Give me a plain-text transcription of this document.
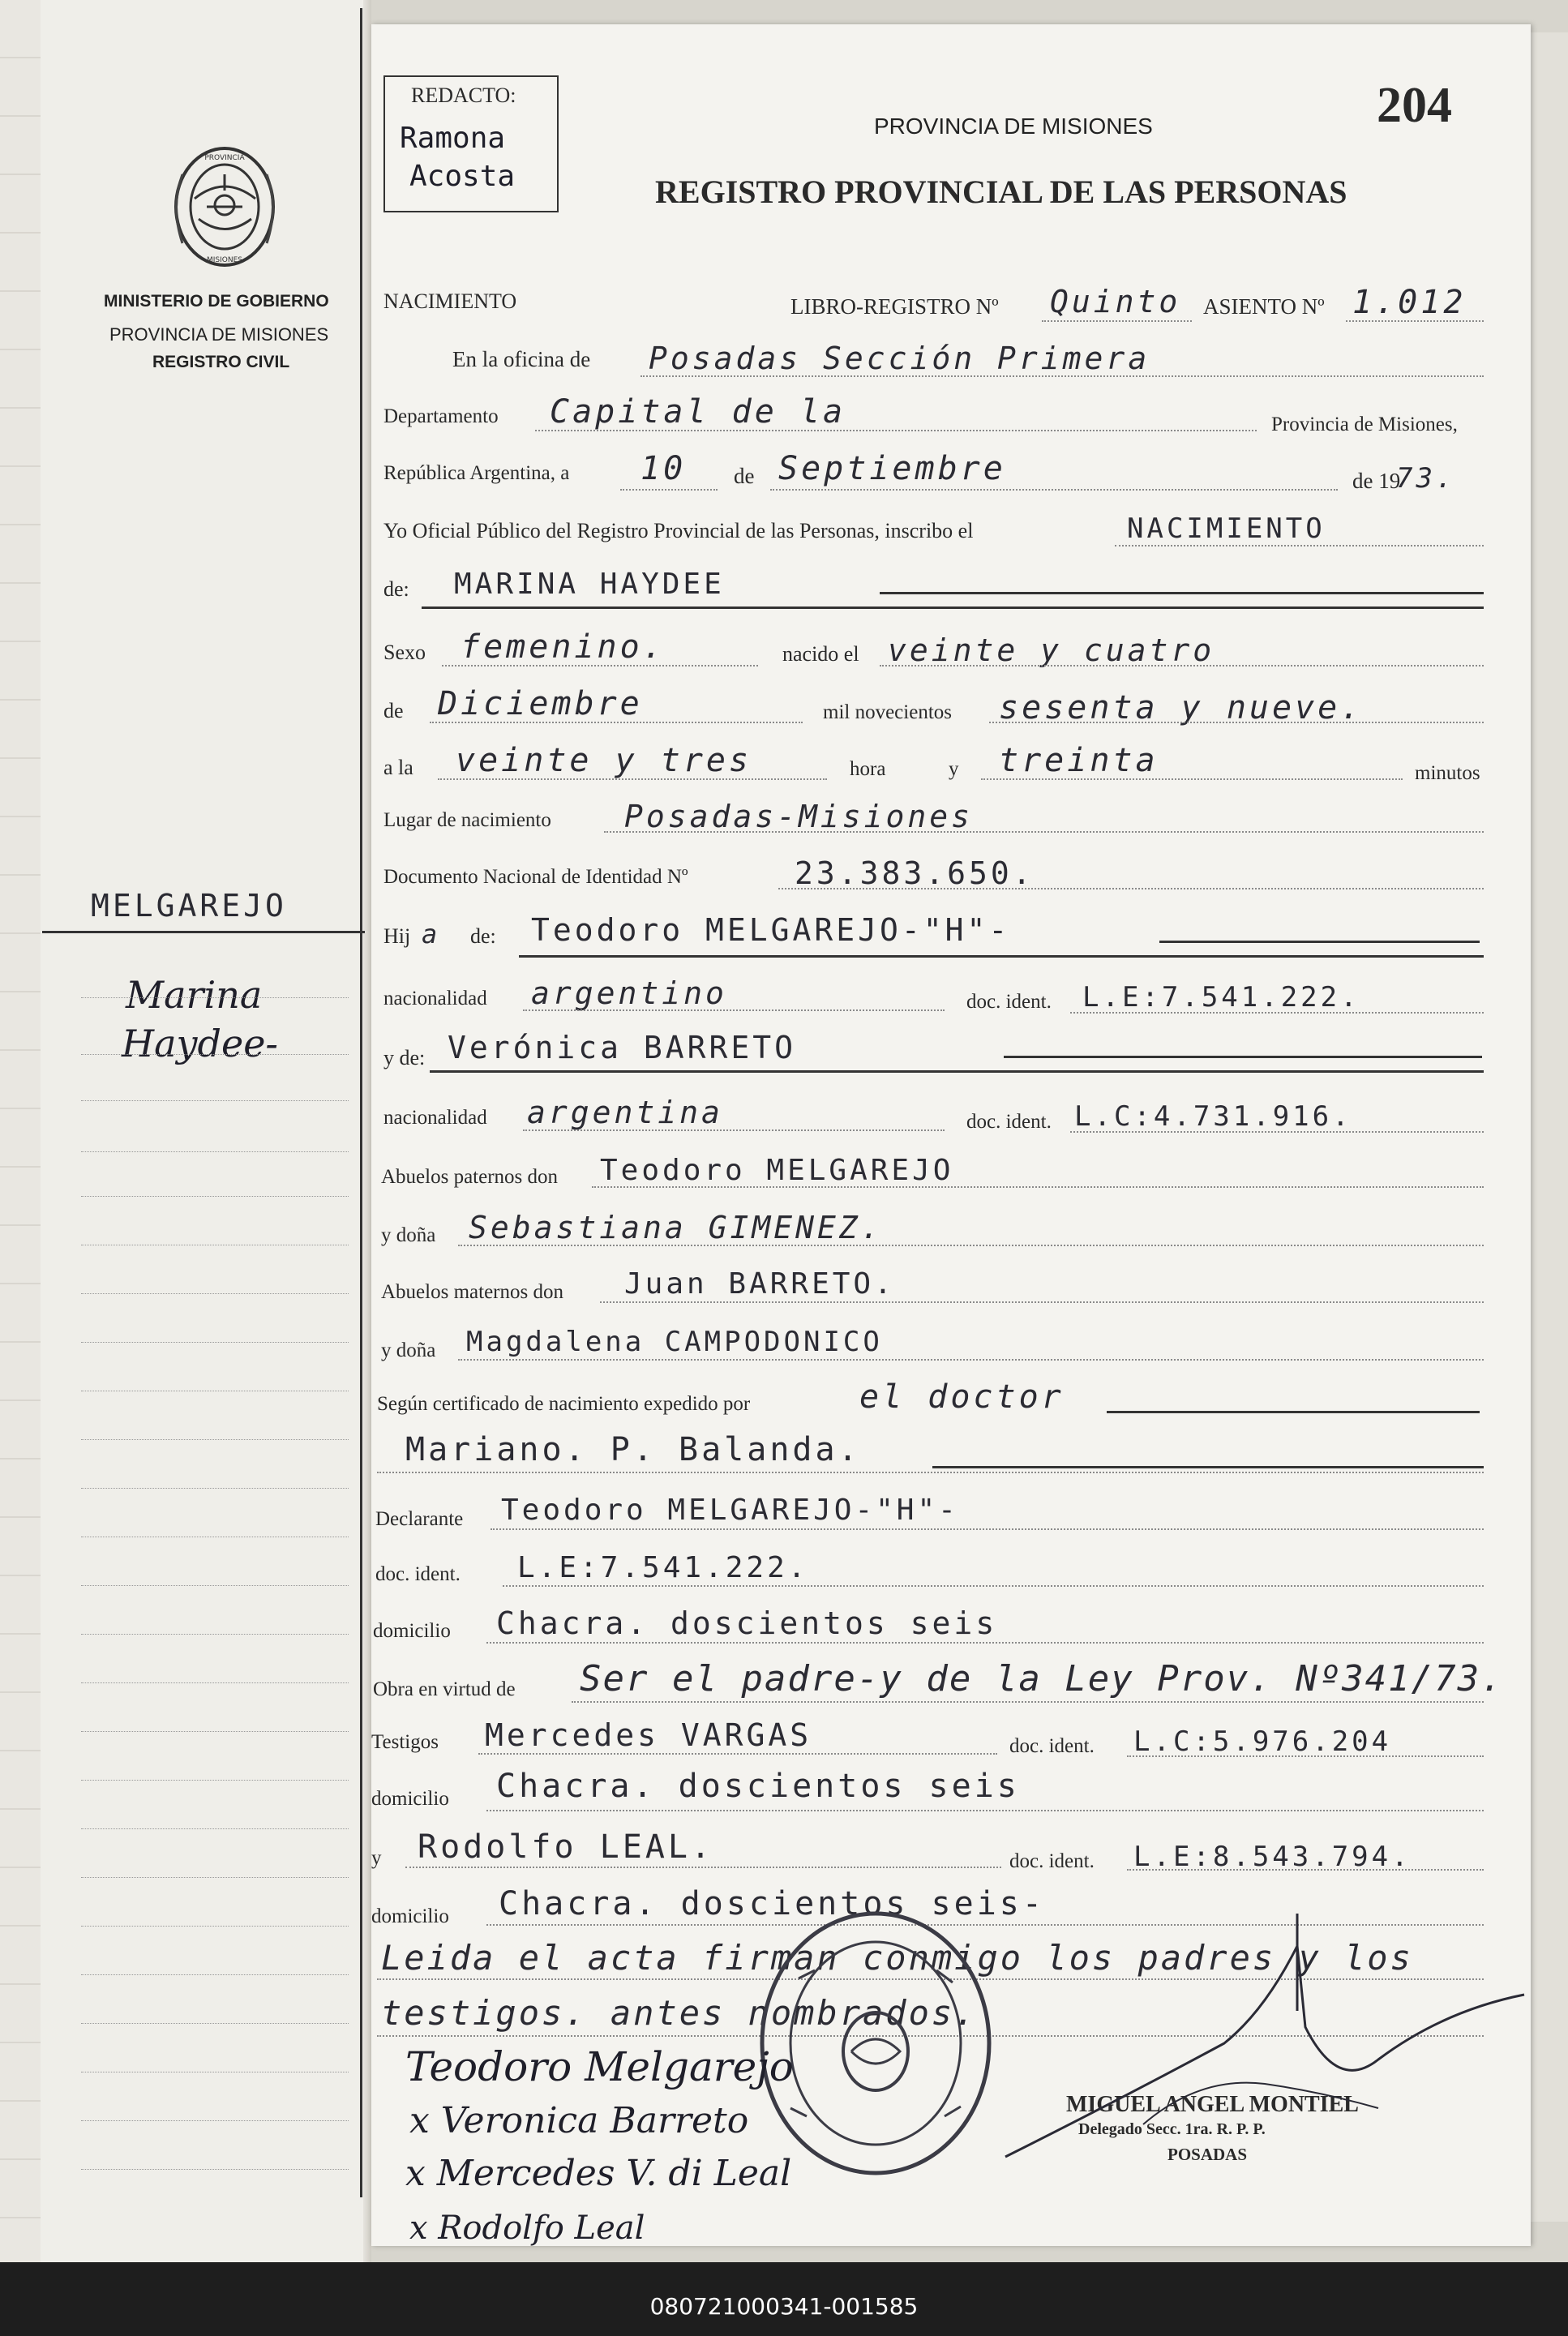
PROVINCIA
MISIONES
MINISTERIO DE GOBIERNO
PROVINCIA DE MISIONES
REGISTRO CIVIL
MELGAREJO
Marina
Haydee-
REDACTO:
Ramona
Acosta
PROVINCIA DE MISIONES	204
REGISTRO PROVINCIAL DE LAS PERSONAS
NACIMIENTO	LIBRO-REGISTRO Nº Quinto ASIENTO Nº 1.012
En la oficina de Posadas Sección Primera
Departamento Capital de la	Provincia de Misiones,
República Argentina, a 10 de Septiembre	de 19
73.
Yo Oficial Público del Registro Provincial de las Personas, inscribo el	NACIMIENTO
de: MARINA HAYDEE
Sexo femenino.	nacido el veinte y cuatro
de Diciembre	mil novecientos sesenta y nueve.
a la veinte y tres	hora	y treinta	minutos
Lugar de nacimiento Posadas-Misiones
Documento Nacional de Identidad Nº	23.383.650.
Hij a de: Teodoro MELGAREJO-"H"-
nacionalidad argentino	doc. ident. L.E:7.541.222.
y de: Verónica BARRETO
nacionalidad argentina	doc. ident. L.C:4.731.916.
Abuelos paternos don Teodoro MELGAREJO
y doña Sebastiana GIMENEZ.
Abuelos maternos don Juan BARRETO.
y doña Magdalena CAMPODONICO
Según certificado de nacimiento expedido por	el doctor
Mariano. P. Balanda.
Declarante Teodoro MELGAREJO-"H"-
doc. ident. L.E:7.541.222.
domicilio Chacra. doscientos seis
Obra en virtud de Ser el padre-y de la Ley Prov. Nº341/73.
Testigos Mercedes VARGAS	doc. ident. L.C:5.976.204
domicilio Chacra. doscientos seis
y Rodolfo LEAL.	doc. ident. L.E:8.543.794.
domicilio Chacra. doscientos seis-
Leida el acta firman conmigo los padres y los
testigos. antes nombrados.
MIGUEL ANGEL MONTIEL
Delegado Secc. 1ra. R. P. P.
POSADAS
Teodoro Melgarejo
x Veronica Barreto
x Mercedes V. di Leal
x Rodolfo Leal
080721000341-001585
